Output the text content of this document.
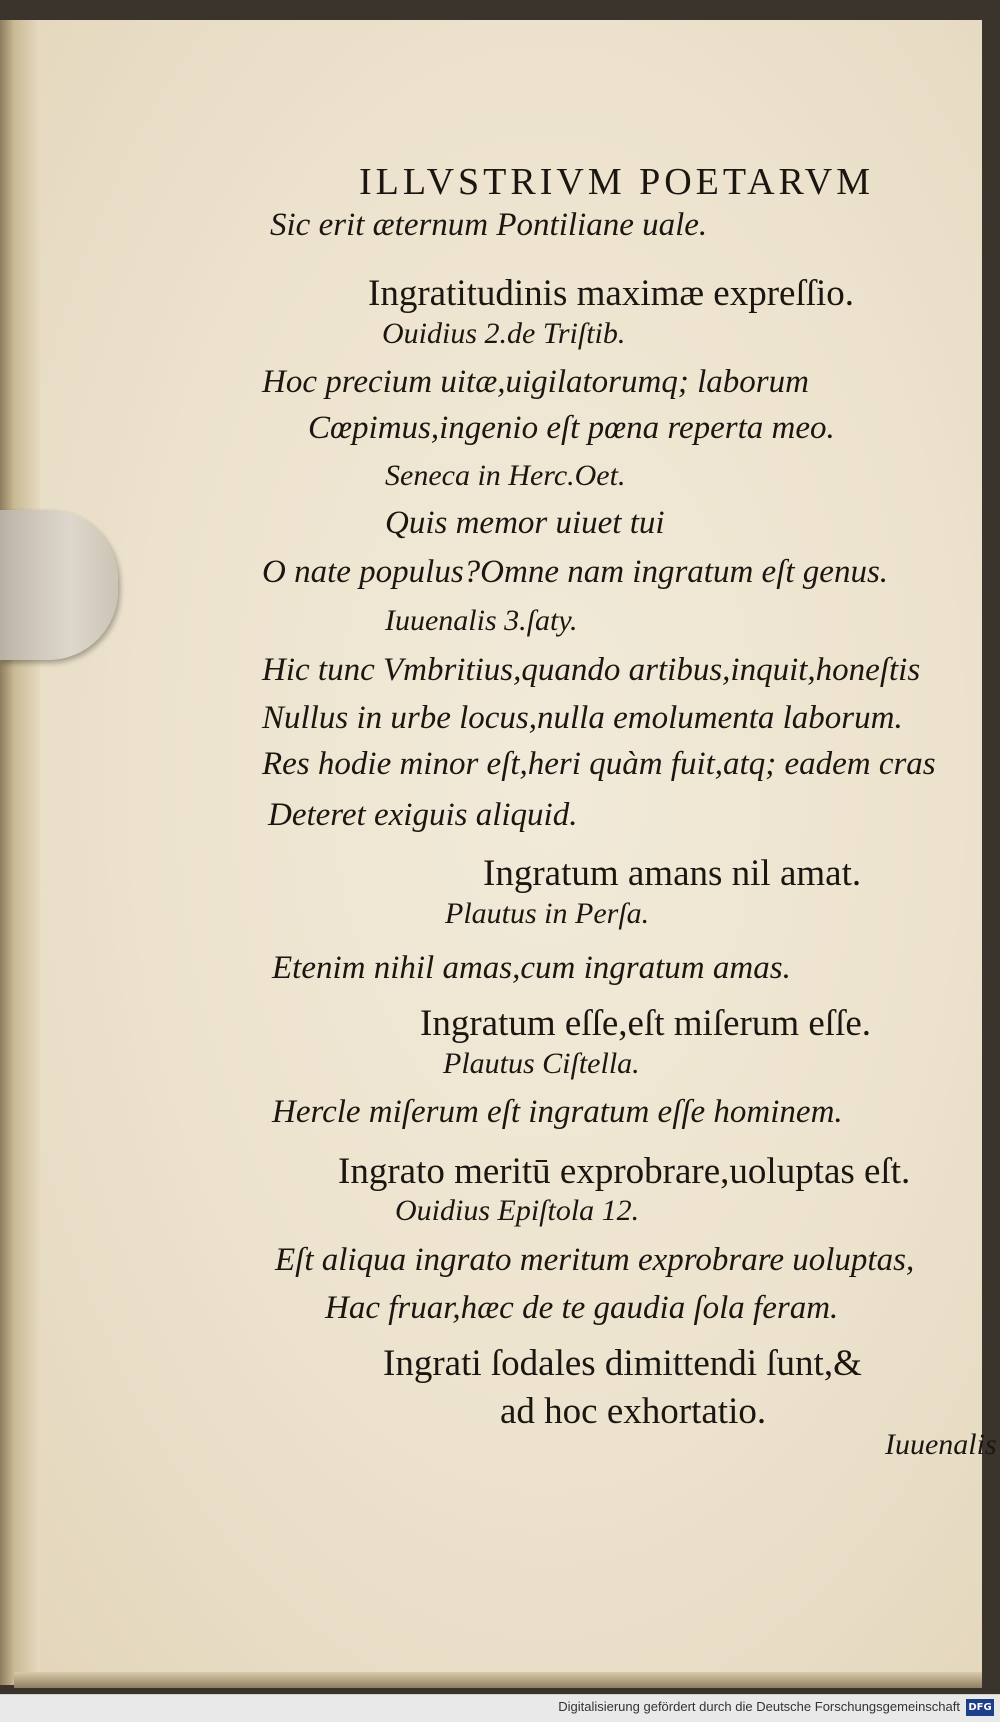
ILLVSTRIVM POETARVM
Sic erit æternum Pontiliane uale.
Ingratitudinis maximæ expreſſio.
Ouidius 2.de Triſtib.
Hoc precium uitæ,uigilatorumq; laborum
Cœpimus,ingenio eſt pœna reperta meo.
Seneca in Herc.Oet.
Quis memor uiuet tui
O nate populus?Omne nam ingratum eſt genus.
Iuuenalis 3.ſaty.
Hic tunc Vmbritius,quando artibus,inquit,honeſtis
Nullus in urbe locus,nulla emolumenta laborum.
Res hodie minor eſt,heri quàm fuit,atq; eadem cras
Deteret exiguis aliquid.
Ingratum amans nil amat.
Plautus in Perſa.
Etenim nihil amas,cum ingratum amas.
Ingratum eſſe,eſt miſerum eſſe.
Plautus Ciſtella.
Hercle miſerum eſt ingratum eſſe hominem.
Ingrato meritū exprobrare,uoluptas eſt.
Ouidius Epiſtola 12.
Eſt aliqua ingrato meritum exprobrare uoluptas,
Hac fruar,hæc de te gaudia ſola feram.
Ingrati ſodales dimittendi ſunt,&
ad hoc exhortatio.
Iuuenalis
Digitalisierung gefördert durch die Deutsche Forschungsgemeinschaft DFG
